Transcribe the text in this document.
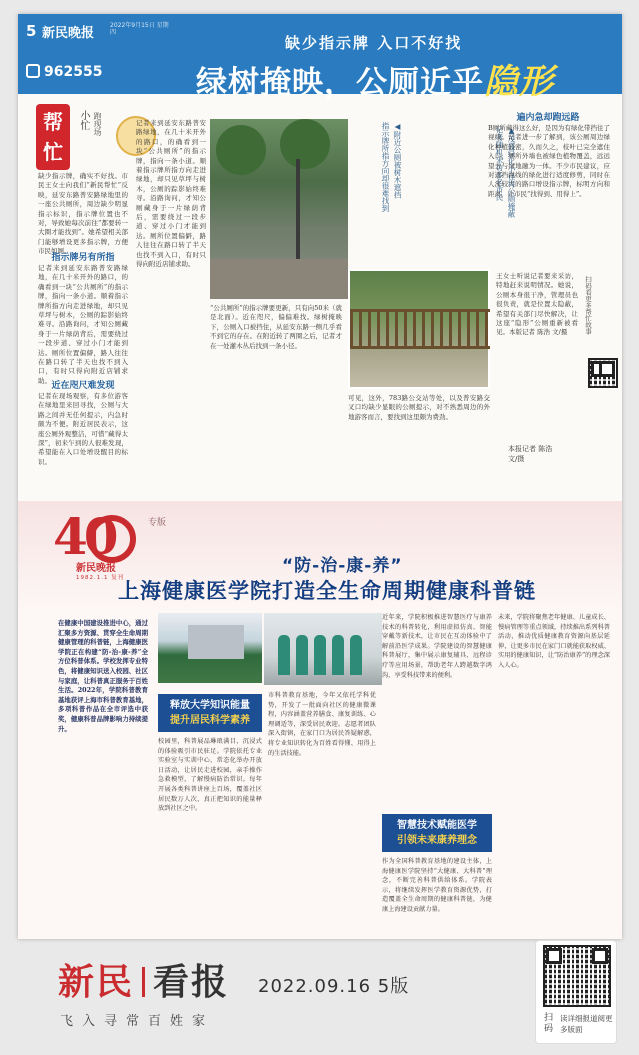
5 新民晚报
2022年9月15日 星期四
962555
缺少指示牌 入口不好找
绿树掩映，公厕近乎隐形
帮忙
小忙 跑现场
缺少指示牌，确实不好找。市民王女士向我们“新民帮忙”反映，延安东路普安路绿地里的一座公共厕所，周边缺少明显指示标识，指示牌位置也不对，导致她每次前往“都要转一大圈才能找到”。她希望相关部门能够增设更多指示牌，方便市民如厕。
指示牌另有所指
记者来到延安东路普安路绿地，在几十米开外的路口，的确看到一块“公共厕所”的指示牌，指向一条小道。顺着指示牌所指方向走进绿地，却只见草坪与树木，公厕的踪影始终难寻。沿路询问，才知公厕藏身于一片绿荫背后，需要绕过一段步道、穿过小门才能到达。厕所位置偏僻，路人往往在路口转了半天也找不到入口，有时只得向附近店铺求助。
近在咫尺难发现
记者在现场观察，有多位游客在绿地里来回寻找，公厕与大路之间并无任何提示，内急时颇为不便。附近居民表示，这座公厕外观整洁，可惜“藏得太深”，初来乍到的人很难发现，希望能在入口处增设醒目的标识。
记者来到延安东路普安路绿地，在几十米开外的路口，的确看到一块“公共厕所”的指示牌，指向一条小道。顺着指示牌所指方向走进绿地，却只见草坪与树木，公厕的踪影始终难寻。沿路询问，才知公厕藏身于一片绿荫背后，需要绕过一段步道、穿过小门才能到达。厕所位置偏僻，路人往往在路口转了半天也找不到入口，有时只得向附近店铺求助。
◀附近公厕被树木遮挡
指示牌所指方向却很难找到
“公共厕所”的指示牌要更新，只有向50米（就是北面）。近在咫尺，偏偏难找。绿树掩映下，公厕入口被挡住，从延安东路一侧几乎看不到它的存在。在附近转了两圈之后，记者才在一处灌木丛后找到一条小径。
可见，这外，783路公交站等处，以及普安路交叉口均缺少显眼的公厕提示，对不熟悉周边的外地游客而言，要找到这里颇为费劲。
▲茂盛绿化小径将公厕掩蔽
记者随机采访多名市民
遍内急却跑远路
B厕所藏得这么好，是因为有绿化带挡住了视线。记者进一步了解到，该公厕周边绿化种植较密，久而久之，枝叶已完全遮住入口，厕所外墙也被绿色植物覆盖，远远望去与绿地融为一体。不少市民建议，应对遮挡视线的绿化进行适度修剪，同时在人流较大的路口增设指示牌，标明方向和距离，让市民“找得到、用得上”。
王女士听说记者要来采访，特地赶来说明情况。她说，公厕本身很干净，管理员也很负责，就是位置太隐蔽，希望有关部门尽快解决，让这座“隐形”公厕重新被看见。本版记者 陈浩 文/摄	扫码看更多帮忙故事
本报记者 陈浩
文/摄
40
新民晚报
1982.1.1 复刊
专版
“防-治-康-养”
上海健康医学院打造全生命周期健康科普链
在健康中国建设推进中心，通过汇聚多方资源、贯穿全生命周期健康管理的科普链，上海健康医学院正在构建“防-治-康-养”全方位科普体系。学校发挥专业特色，将健康知识送入校园、社区与家庭，让科普真正服务于百姓生活。2022年，学院科普教育基地获评上海市科普教育基地，多项科普作品在全市评选中获奖，健康科普品牌影响力持续提升。
释放大学知识能量
提升居民科学素养
校园里，科普展品琳琅满目，沉浸式的体验吸引市民驻足。学院依托专业实验室与实训中心，常态化举办开放日活动，让居民走进校园，亲手操作急救模型，了解慢病防治常识。每年开展各类科普讲座上百场，覆盖社区居民数万人次，真正把知识的能量释放到社区之中。
市科普教育基地，今年又依托学科优势，开发了一批面向社区的健康微课程，内容涵盖营养膳食、康复训练、心理调适等，深受居民欢迎。志愿者团队深入街镇，在家门口为居民答疑解惑，将专业知识转化为百姓看得懂、用得上的生活技能。
近年来，学院积极推进智慧医疗与康养技术的科普转化，利用虚拟仿真、智能穿戴等新技术，让市民在互动体验中了解前沿医学成果。学院建设的智慧健康科普展厅，集中展示康复辅具、远程诊疗等应用场景，帮助老年人跨越数字鸿沟，享受科技带来的便利。
智慧技术赋能医学
引领未来康养理念
作为全国科普教育基地的建设主体，上海健康医学院坚持“大健康、大科普”理念，不断完善科普供给体系。学院表示，将继续发挥医学教育资源优势，打造覆盖全生命周期的健康科普链，为健康上海建设贡献力量。
未来，学院将聚焦老年健康、儿童成长、慢病管理等重点领域，持续推出系列科普活动，推动优质健康教育资源向基层延伸，让更多市民在家门口就能获取权威、实用的健康知识，让“防治康养”的理念深入人心。
新民 看报 2022.09.16 5版
飞入寻常百姓家	扫码
读详细报道阅更多版面
